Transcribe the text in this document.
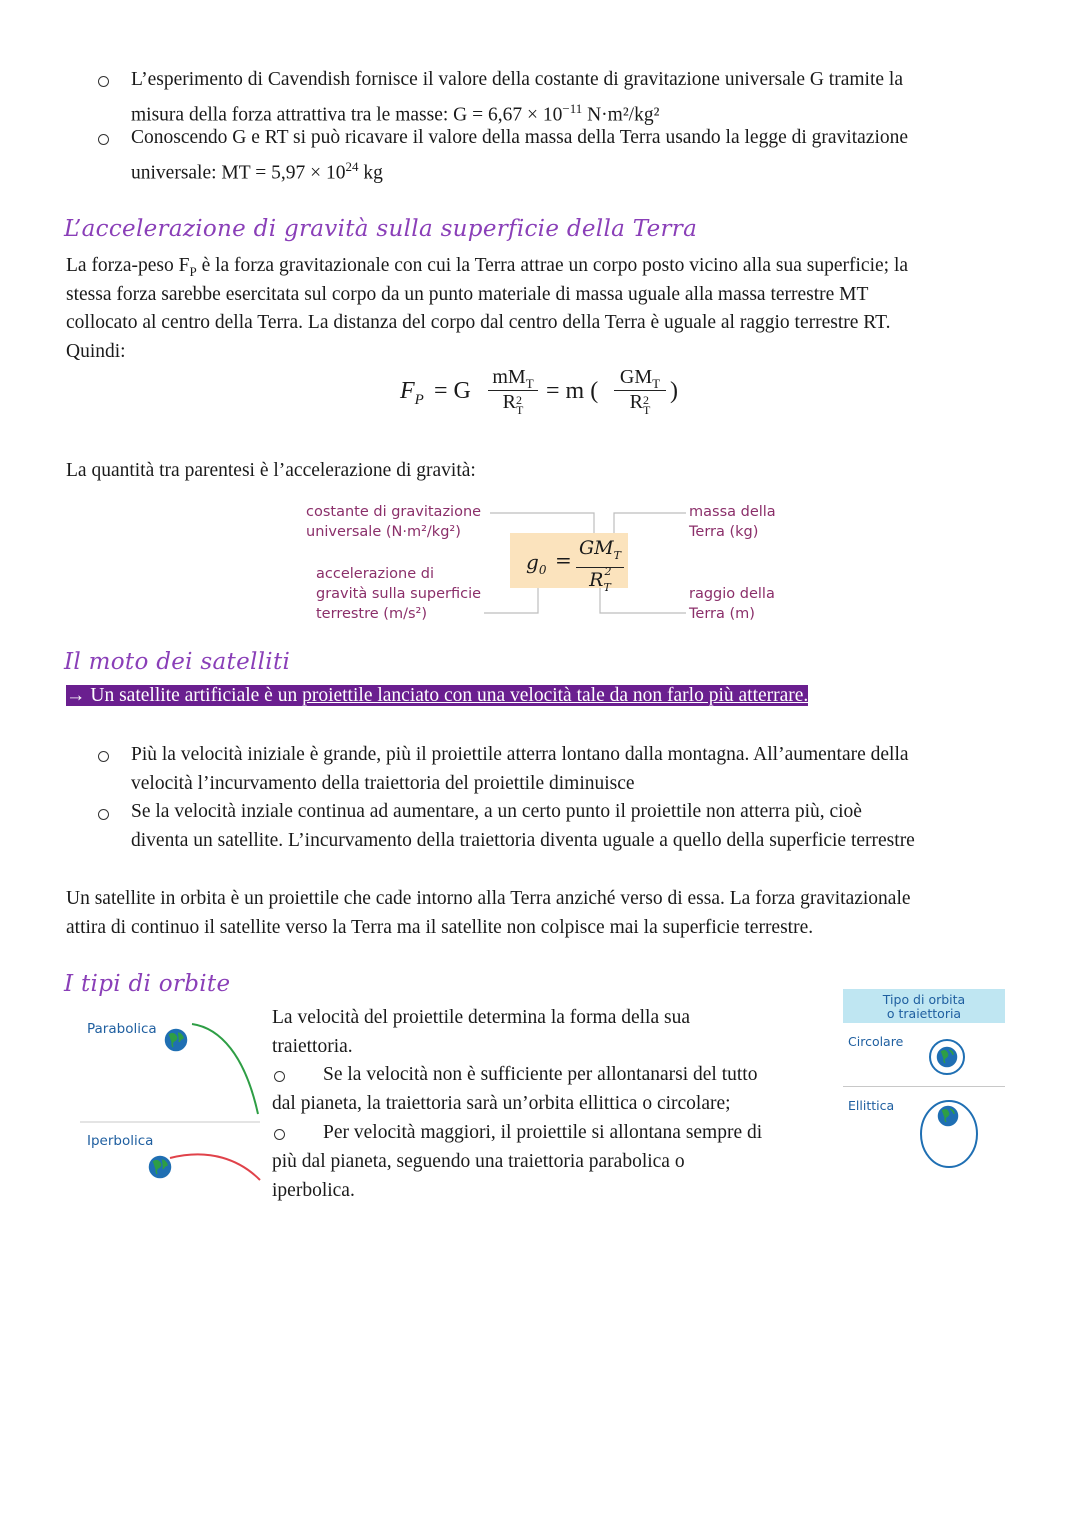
L’esperimento di Cavendish fornisce il valore della costante di gravitazione universale G tramite la
misura della forza attrattiva tra le masse: $G = 6,67 \times 10^{-11}$ N·m²/kg²
Conoscendo G e RT si può ricavare il valore della massa della Terra usando la legge di gravitazione
universale: MT = $5,97 \times 10^{24}$ kg
L’accelerazione di gravità sulla superficie della Terra
La forza-peso $F_P$ è la forza gravitazionale con cui la Terra attrae un corpo posto vicino alla sua superficie; la
stessa forza sarebbe esercitata sul corpo da un punto materiale di massa uguale alla massa terrestre MT
collocato al centro della Terra. La distanza del corpo dal centro della Terra è uguale al raggio terrestre RT.
Quindi:
$F_P = G$
$mM_T$
R 2
$_T$
= m (
$GM_T$
R 2
$_T$
)
La quantità tra parentesi è l’accelerazione di gravità:
costante di gravitazione
universale (N·m²/kg²)
accelerazione di
gravità sulla superficie
terrestre (m/s²)
massa della
Terra (kg)
raggio della
Terra (m)
$g_0 = GM_T$
R 2
$_T$
Il moto dei satelliti
→ Un satellite artificiale è un proiettile lanciato con una velocità tale da non farlo più atterrare.
Più la velocità iniziale è grande, più il proiettile atterra lontano dalla montagna. All’aumentare della
velocità l’incurvamento della traiettoria del proiettile diminuisce
Se la velocità inziale continua ad aumentare, a un certo punto il proiettile non atterra più, cioè
diventa un satellite. L’incurvamento della traiettoria diventa uguale a quello della superficie terrestre
Un satellite in orbita è un proiettile che cade intorno alla Terra anziché verso di essa. La forza gravitazionale
attira di continuo il satellite verso la Terra ma il satellite non colpisce mai la superficie terrestre.
I tipi di orbite
Parabolica
Iperbolica
La velocità del proiettile determina la forma della sua
traiettoria.
Se la velocità non è sufficiente per allontanarsi del tutto
dal pianeta, la traiettoria sarà un’orbita ellittica o circolare;
Per velocità maggiori, il proiettile si allontana sempre di
più dal pianeta, seguendo una traiettoria parabolica o
iperbolica.
Tipo di orbita
o traiettoria
Circolare
Ellittica
